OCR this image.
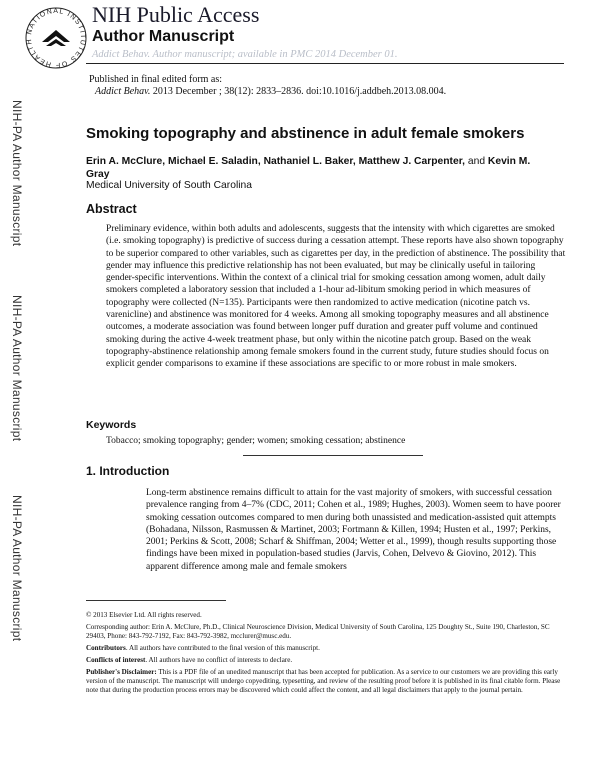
NATIONAL INSTITUTES OF HEALTH
NIH Public Access
Author Manuscript
Addict Behav. Author manuscript; available in PMC 2014 December 01.
Published in final edited form as:
Addict Behav. 2013 December ; 38(12): 2833–2836. doi:10.1016/j.addbeh.2013.08.004.
NIH-PA Author Manuscript
NIH-PA Author Manuscript
NIH-PA Author Manuscript
Smoking topography and abstinence in adult female smokers
Erin A. McClure, Michael E. Saladin, Nathaniel L. Baker, Matthew J. Carpenter, and Kevin M. Gray
Medical University of South Carolina
Abstract

Preliminary evidence, within both adults and adolescents, suggests that the intensity with which cigarettes are smoked (i.e. smoking topography) is predictive of success during a cessation attempt. These reports have also shown topography to be superior compared to other variables, such as cigarettes per day, in the prediction of abstinence. The possibility that gender may influence this predictive relationship has not been evaluated, but may be clinically useful in tailoring gender-specific interventions. Within the context of a clinical trial for smoking cessation among women, adult daily smokers completed a laboratory session that included a 1-hour ad-libitum smoking period in which measures of topography were collected (N=135). Participants were then randomized to active medication (nicotine patch vs. varenicline) and abstinence was monitored for 4 weeks. Among all smoking topography measures and all abstinence outcomes, a moderate association was found between longer puff duration and greater puff volume and continued smoking during the active 4-week treatment phase, but only within the nicotine patch group. Based on the weak topography-abstinence relationship among female smokers found in the current study, future studies should focus on explicit gender comparisons to examine if these associations are specific to or more robust in male smokers.

Keywords
Tobacco; smoking topography; gender; women; smoking cessation; abstinence
1. Introduction

Long-term abstinence remains difficult to attain for the vast majority of smokers, with successful cessation prevalence ranging from 4–7% (CDC, 2011; Cohen et al., 1989; Hughes, 2003). Women seem to have poorer smoking cessation outcomes compared to men during both unassisted and medication-assisted quit attempts (Bohadana, Nilsson, Rasmussen & Martinet, 2003; Fortmann & Killen, 1994; Husten et al., 1997; Perkins, 2001; Perkins & Scott, 2008; Scharf & Shiffman, 2004; Wetter et al., 1999), though results supporting those findings have been mixed in population-based studies (Jarvis, Cohen, Delvevo & Giovino, 2012). This apparent difference among male and female smokers

© 2013 Elsevier Ltd. All rights reserved.

Corresponding author: Erin A. McClure, Ph.D., Clinical Neuroscience Division, Medical University of South Carolina, 125 Doughty St., Suite 190, Charleston, SC 29403, Phone: 843-792-7192, Fax: 843-792-3982, mcclurer@musc.edu.

Contributors. All authors have contributed to the final version of this manuscript.

Conflicts of interest. All authors have no conflict of interests to declare.

Publisher's Disclaimer: This is a PDF file of an unedited manuscript that has been accepted for publication. As a service to our customers we are providing this early version of the manuscript. The manuscript will undergo copyediting, typesetting, and review of the resulting proof before it is published in its final citable form. Please note that during the production process errors may be discovered which could affect the content, and all legal disclaimers that apply to the journal pertain.
